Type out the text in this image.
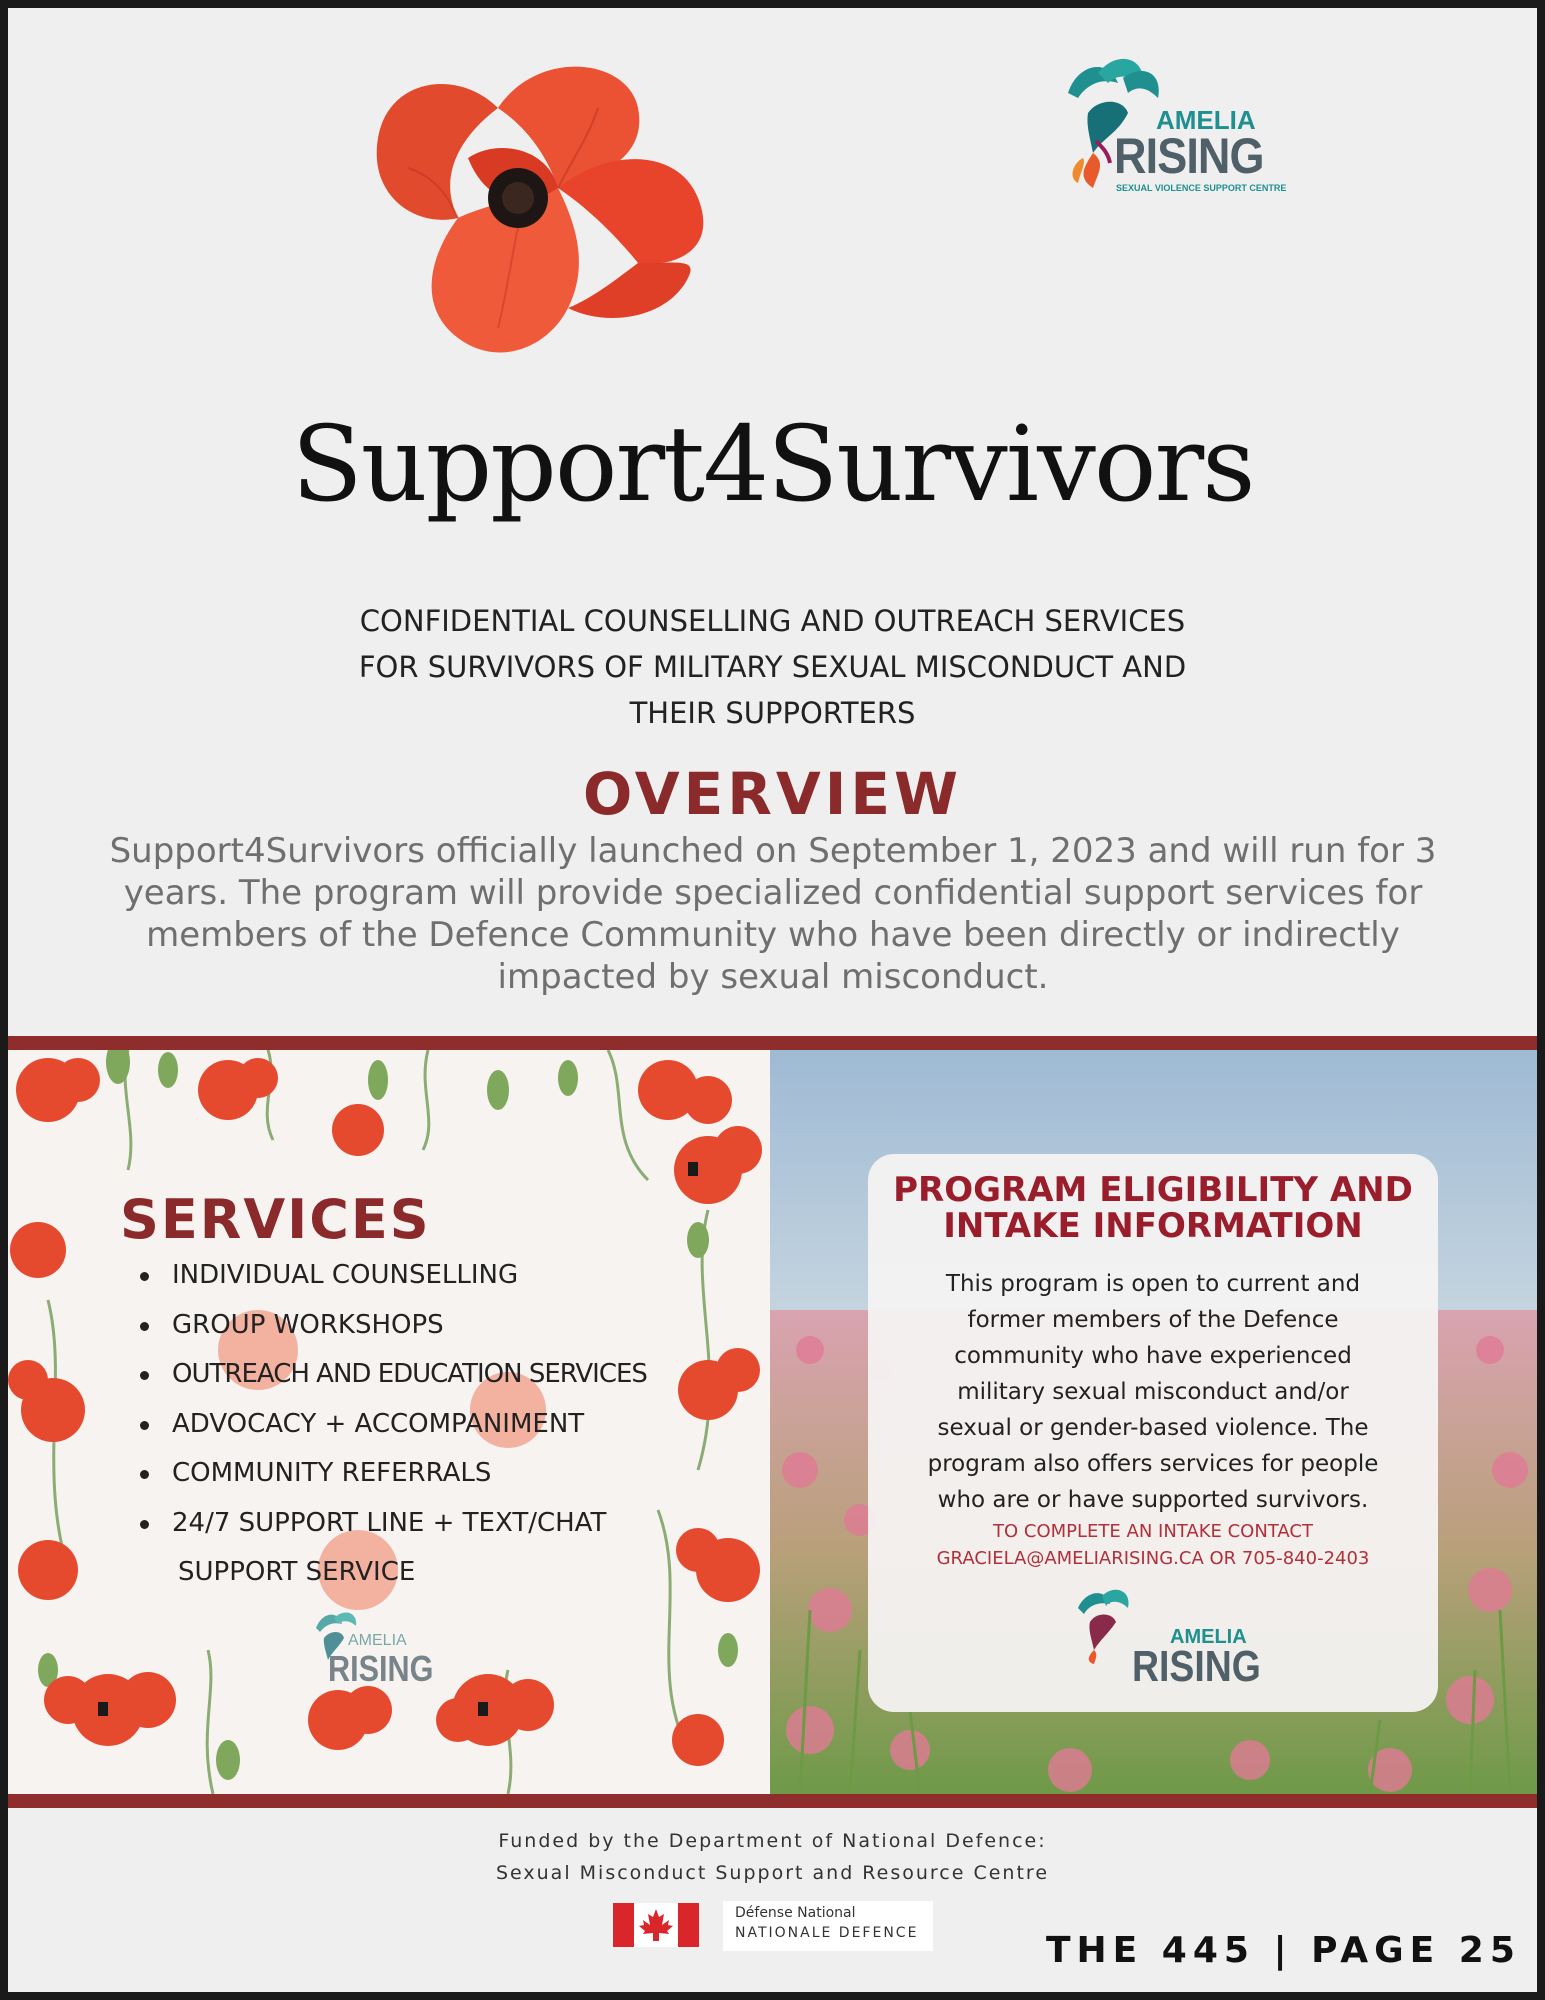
AMELIA
RISING
SEXUAL VIOLENCE SUPPORT CENTRE
Support4Survivors
CONFIDENTIAL COUNSELLING AND OUTREACH SERVICES
FOR SURVIVORS OF MILITARY SEXUAL MISCONDUCT AND
THEIR SUPPORTERS
OVERVIEW
Support4Survivors officially launched on September 1, 2023 and will run for 3 years. The program will provide specialized confidential support services for members of the Defence Community who have been directly or indirectly impacted by sexual misconduct.
SERVICES
INDIVIDUAL COUNSELLING
GROUP WORKSHOPS
OUTREACH AND EDUCATION SERVICES
ADVOCACY + ACCOMPANIMENT
COMMUNITY REFERRALS
24/7 SUPPORT LINE + TEXT/CHAT
SUPPORT SERVICE
AMELIA
RISING
PROGRAM ELIGIBILITY AND
INTAKE INFORMATION
This program is open to current and
former members of the Defence
community who have experienced
military sexual misconduct and/or
sexual or gender-based violence. The
program also offers services for people
who are or have supported survivors.
TO COMPLETE AN INTAKE CONTACT
GRACIELA@AMELIARISING.CA OR 705-840-2403
AMELIA
RISING
Funded by the Department of National Defence:
Sexual Misconduct Support and Resource Centre
Défense National
NATIONALE DEFENCE	THE 445 | PAGE 25
